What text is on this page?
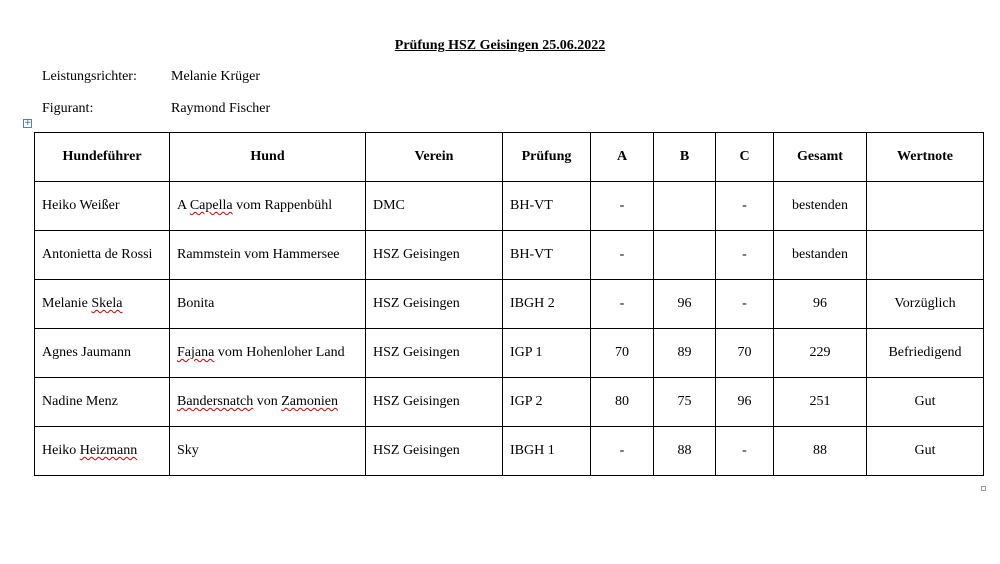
Prüfung HSZ Geisingen 25.06.2022
Leistungsrichter: Melanie Krüger
Figurant:	Raymond Fischer
+
Hundeführer	Hund	Verein	Prüfung	A	B	C	Gesamt	Wertnote
Heiko Weißer	A Capella vom Rappenbühl	DMC	BH-VT	-		-	bestenden	
Antonietta de Rossi	Rammstein vom Hammersee	HSZ Geisingen	BH-VT	-		-	bestanden	
Melanie Skela	Bonita	HSZ Geisingen	IBGH 2	-	96	-	96	Vorzüglich
Agnes Jaumann	Fajana vom Hohenloher Land	HSZ Geisingen	IGP 1	70	89	70	229	Befriedigend
Nadine Menz	Bandersnatch von Zamonien	HSZ Geisingen	IGP 2	80	75	96	251	Gut
Heiko Heizmann	Sky	HSZ Geisingen	IBGH 1	-	88	-	88	Gut
